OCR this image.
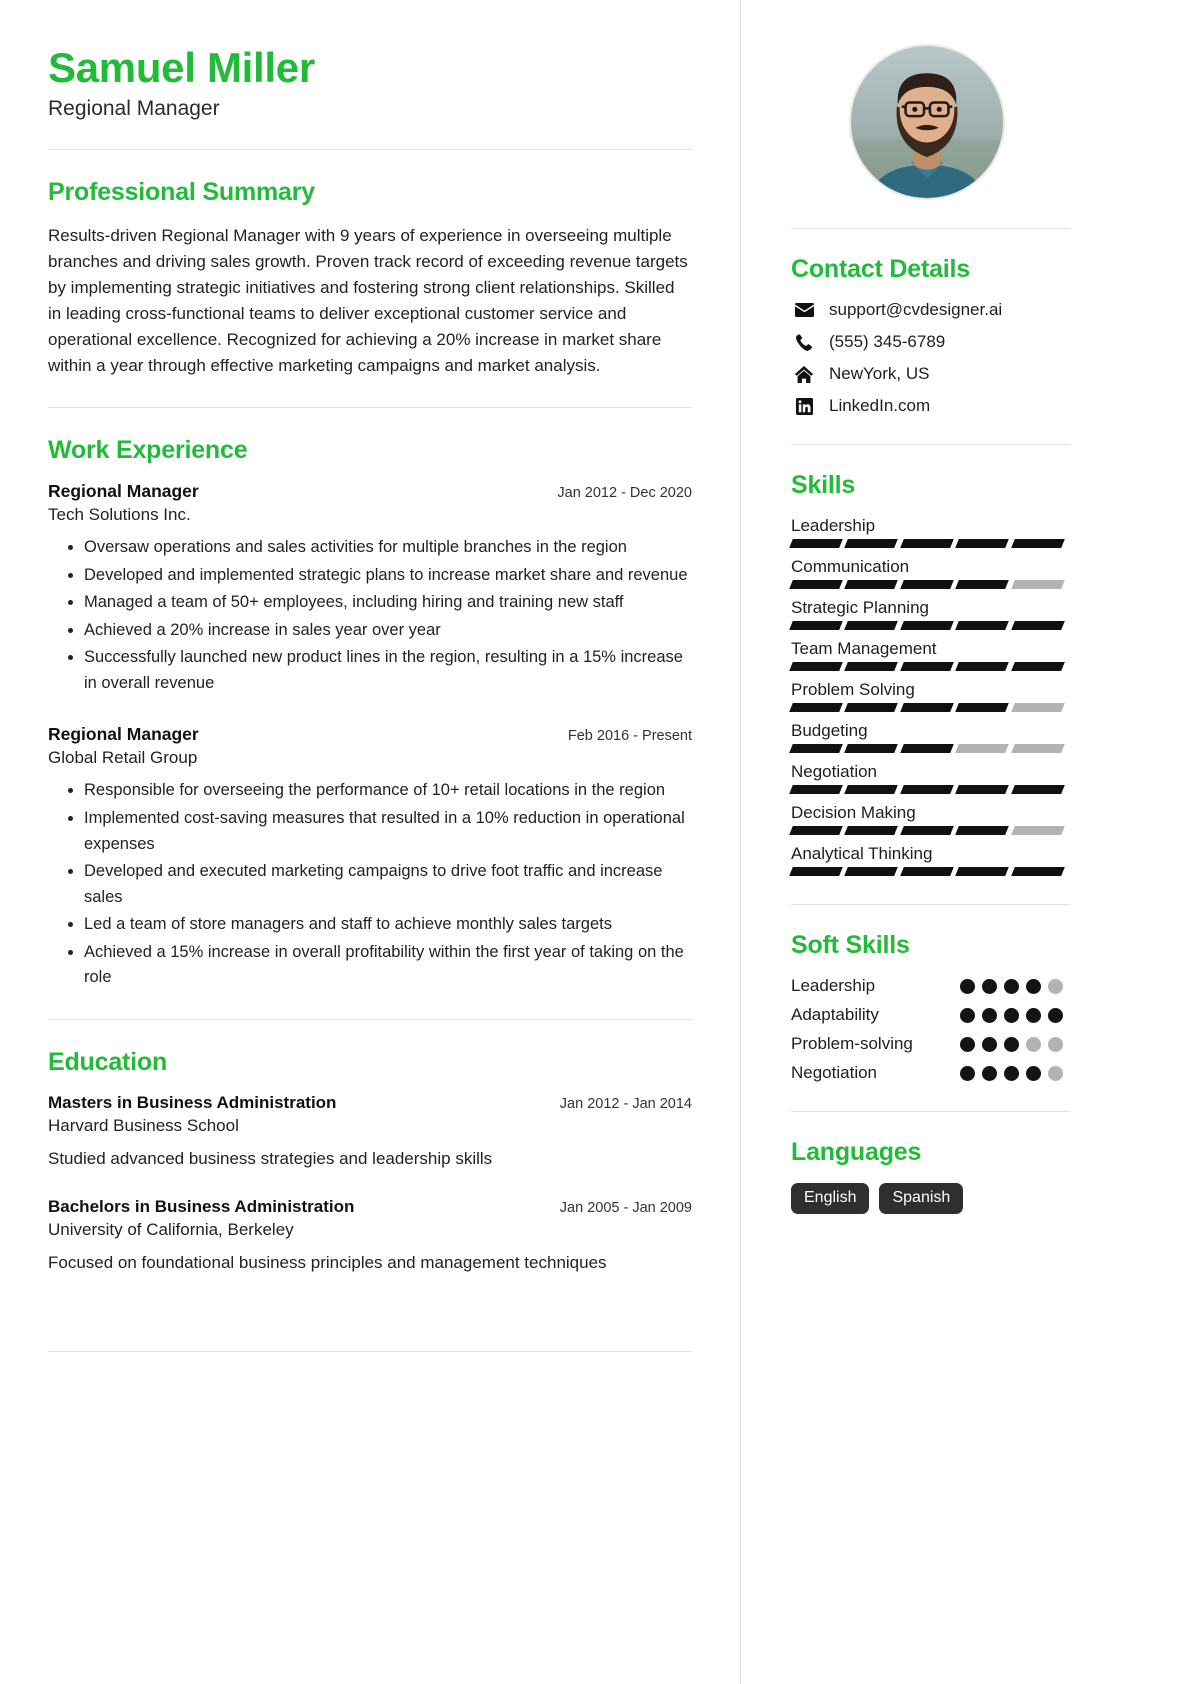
Samuel Miller
Regional Manager
Professional Summary
Results-driven Regional Manager with 9 years of experience in overseeing multiple branches and driving sales growth. Proven track record of exceeding revenue targets by implementing strategic initiatives and fostering strong client relationships. Skilled in leading cross-functional teams to deliver exceptional customer service and operational excellence. Recognized for achieving a 20% increase in market share within a year through effective marketing campaigns and market analysis.
Work Experience
Regional Manager	Jan 2012 - Dec 2020
Tech Solutions Inc.
• Oversaw operations and sales activities for multiple branches in the region
• Developed and implemented strategic plans to increase market share and revenue
• Managed a team of 50+ employees, including hiring and training new staff
• Achieved a 20% increase in sales year over year
• Successfully launched new product lines in the region, resulting in a 15% increase in overall revenue
Regional Manager	Feb 2016 - Present
Global Retail Group
• Responsible for overseeing the performance of 10+ retail locations in the region
• Implemented cost-saving measures that resulted in a 10% reduction in operational expenses
• Developed and executed marketing campaigns to drive foot traffic and increase sales
• Led a team of store managers and staff to achieve monthly sales targets
• Achieved a 15% increase in overall profitability within the first year of taking on the role
Education
Masters in Business Administration	Jan 2012 - Jan 2014
Harvard Business School
Studied advanced business strategies and leadership skills
Bachelors in Business Administration	Jan 2005 - Jan 2009
University of California, Berkeley
Focused on foundational business principles and management techniques
Contact Details
support@cvdesigner.ai
(555) 345-6789
NewYork, US
LinkedIn.com
Skills
Leadership
Communication
Strategic Planning
Team Management
Problem Solving
Budgeting
Negotiation
Decision Making
Analytical Thinking
Soft Skills
Leadership
Adaptability
Problem-solving
Negotiation
Languages
English	Spanish
